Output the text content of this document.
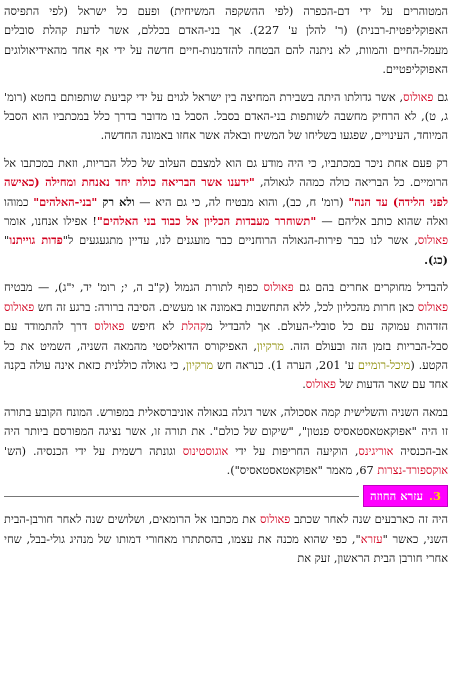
המטוהרים על ידי דם-הכפרה (לפי ההשקפה המשיחית) ופעם כל ישראל (לפי התפיסה האפוקליפטית-רבנית) (ר' להלן ע' 227). אך בני-האדם בכללם, אשר לדעת קהלת סובלים מעמל-החיים והמוות, לא ניתנה להם הבטחה להזדמנות-חיים חדשה על ידי אף אחד מהאידיאולוגים האפוקליפטיים.

גם פאולוס, אשר גדולתו היתה בשבירת המחיצה בין ישראל לגוים על ידי קביעת שותפותם בחטא (רומ' ג, ט), לא הרחיק מחשבה לשותפות בני-האדם בסבל. הסבל בו מדובר בדרך כלל במכתביו הוא הסבל המיוחד, העינויים, שפגעו בשליחו של המשיח ובאלה אשר אחזו באמונה החדשה.

רק פעם אחת ניכר במכתביו, כי היה מודע גם הוא למצבם העלוב של כלל הבריות, וזאת במכתבו אל הרומיים. כל הבריאה כולה כמהה לגאולה, "ידענו אשר הבריאה כולה יחד נאנחת ומחילה (כאישה לפני הלידה) עד הנה" (רומ' ח, כב), והוא מבטיח לה, כי גם היא — ולא רק "בני-האלהים" כמוהו ואלה שהוא כותב אליהם — "תשוחרר מעבדות הכליון אל כבוד בני האלהים"! אפילו אנחנו, אומר פאולוס, אשר לנו כבר פירות-הגאולה הרוחניים כבר מועגנים לנו, עדיין מתגעגעים ל"פדות גוייתנו" (כג).

להבדיל מחוקרים אחרים בהם גם פאולוס כפוף לתורת הגמול (ק"ב ה, י; רומ' יד, י"ג), — מבטיח פאולוס כאן חרות מהכליון לכל, ללא התחשבות באמונה או מעשים. הסיבה ברורה: ברגע זה חש פאולוס הזדהות עמוקה עם כל סובלי-העולם. אך להבדיל מקהלת לא חיפש פאולוס דרך להתמודד עם סבל-הבריות בזמן הזה ובעולם הזה. מרקיון, האפיקורס הדואליסטי מהמאה השניה, השמיט את כל הקטע. (מיכל-רומיים ע' 201, הערה 1). כנראה חש מרקיון, כי גאולה כוללנית כזאת אינה עולה בקנה אחד עם שאר הדעות של פאולוס.

במאה השניה והשלישית קמה אסכולה, אשר דגלה בגאולה אוניברסאלית במפורש. המונח הקובע בתורה זו היה "אפוקאטאסטאסיס פנטון", "שיקום של כולם". את תורה זו, אשר נציגה המפורסם ביותר היה אב-הכנסיה אוריגינס, הוקיעה החריפות על ידי אוגוסטינוס וגונתה רשמית על ידי הכנסיה. (הש' אוקספורד-נצרות 67, מאמר "אפוקאטאסטאסיס").

3.
עזרא החוזה

היה זה כארבעים שנה לאחר שכתב פאולוס את מכתבו אל הרומאים, ושלושים שנה לאחר חורבן-הבית השני, כאשר "עזרא", כפי שהוא מכנה את עצמו, בהסתתרו מאחורי דמותו של מנהיג גולי-בבל, שחי אחרי חורבן הבית הראשון, זעק את
